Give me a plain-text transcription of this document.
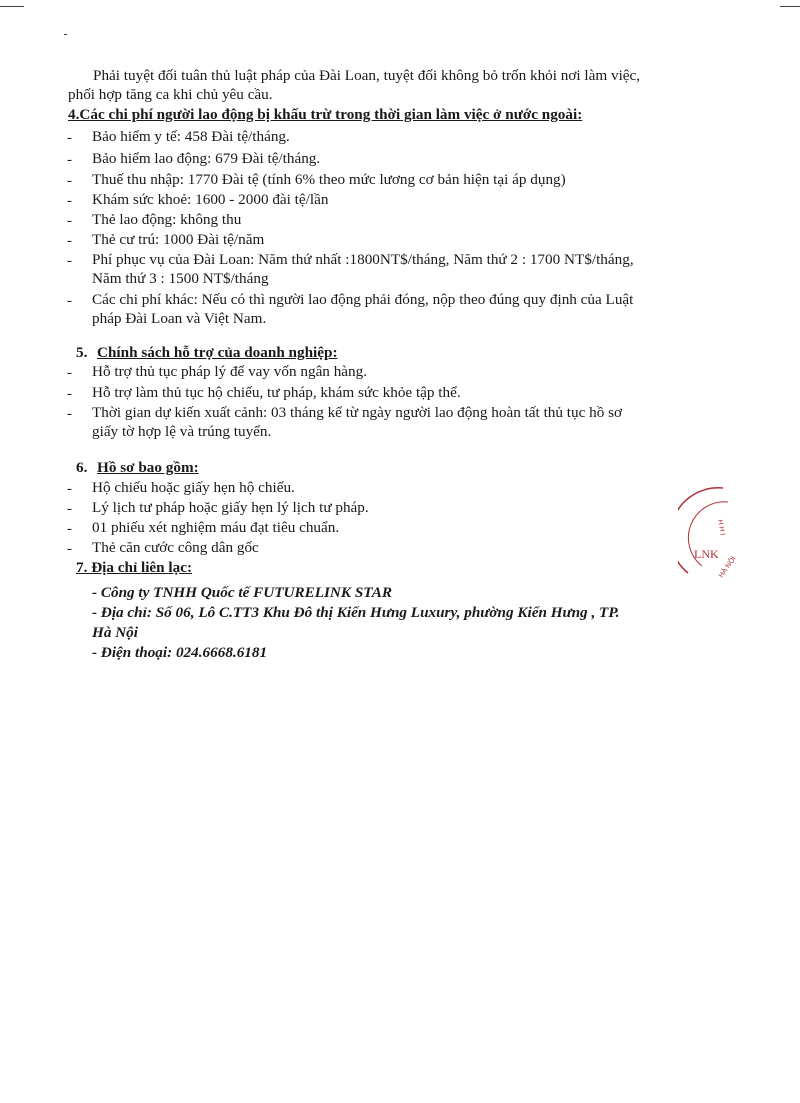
Phải tuyệt đối tuân thủ luật pháp của Đài Loan, tuyệt đối không bỏ trốn khỏi nơi làm việc,
phối hợp tăng ca khi chủ yêu cầu.
4.Các chi phí người lao động bị khấu trừ trong thời gian làm việc ở nước ngoài:
- Bảo hiểm y tế: 458 Đài tệ/tháng.
- Bảo hiểm lao động: 679 Đài tệ/tháng.
- Thuế thu nhập: 1770 Đài tệ (tính 6% theo mức lương cơ bản hiện tại áp dụng)
- Khám sức khoẻ: 1600 - 2000 đài tệ/lần
- Thẻ lao động: không thu
- Thẻ cư trú: 1000 Đài tệ/năm
- Phí phục vụ của Đài Loan: Năm thứ nhất :1800NT$/tháng, Năm thứ 2 : 1700 NT$/tháng,
Năm thứ 3 : 1500 NT$/tháng
- Các chi phí khác: Nếu có thì người lao động phải đóng, nộp theo đúng quy định của Luật
pháp Đài Loan và Việt Nam.
5. Chính sách hỗ trợ của doanh nghiệp:
- Hỗ trợ thủ tục pháp lý để vay vốn ngân hàng.
- Hỗ trợ làm thủ tục hộ chiếu, tư pháp, khám sức khỏe tập thể.
- Thời gian dự kiến xuất cảnh: 03 tháng kể từ ngày người lao động hoàn tất thủ tục hồ sơ
giấy tờ hợp lệ và trúng tuyển.
6. Hồ sơ bao gồm:
- Hộ chiếu hoặc giấy hẹn hộ chiếu.
- Lý lịch tư pháp hoặc giấy hẹn lý lịch tư pháp.
- 01 phiếu xét nghiệm máu đạt tiêu chuẩn.
- Thẻ căn cước công dân gốc
7. Địa chỉ liên lạc:
- Công ty TNHH Quốc tế FUTURELINK STAR
- Địa chỉ: Số 06, Lô C.TT3 Khu Đô thị Kiến Hưng Luxury, phường Kiến Hưng , TP.
Hà Nội
- Điện thoại: 024.6668.6181
LNK
H H I
HÀ NỘI
